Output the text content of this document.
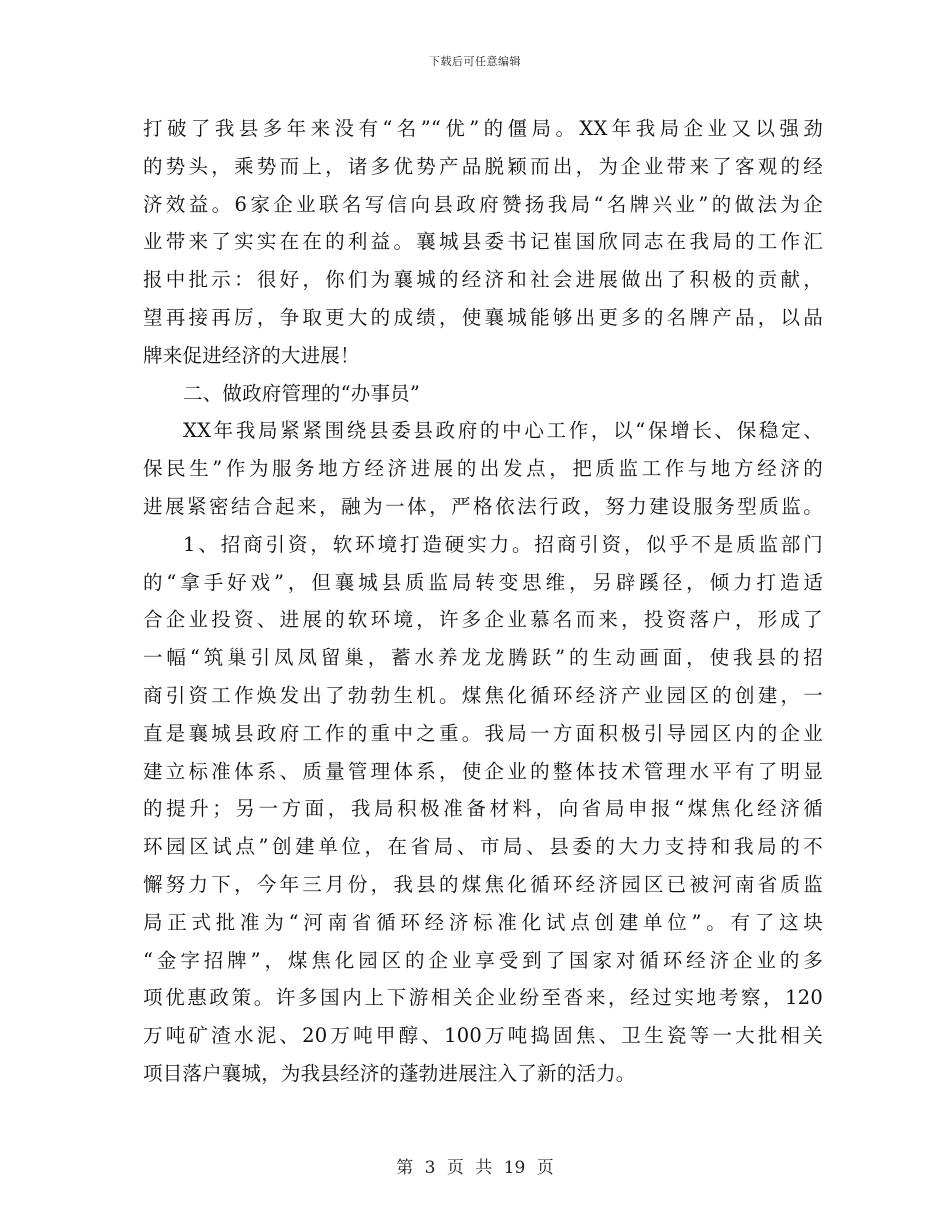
下载后可任意编辑
打破了我县多年来没有“名”“优”的僵局。XX年我局企业又以强劲
的势头，乘势而上，诸多优势产品脱颖而出，为企业带来了客观的经
济效益。6家企业联名写信向县政府赞扬我局“名牌兴业”的做法为企
业带来了实实在在的利益。襄城县委书记崔国欣同志在我局的工作汇
报中批示：很好，你们为襄城的经济和社会进展做出了积极的贡献，
望再接再厉，争取更大的成绩，使襄城能够出更多的名牌产品，以品
牌来促进经济的大进展！
二、做政府管理的“办事员”
XX年我局紧紧围绕县委县政府的中心工作，以“保增长、保稳定、
保民生”作为服务地方经济进展的出发点，把质监工作与地方经济的
进展紧密结合起来，融为一体，严格依法行政，努力建设服务型质监。
1、招商引资，软环境打造硬实力。招商引资，似乎不是质监部门
的“拿手好戏”，但襄城县质监局转变思维，另辟蹊径，倾力打造适
合企业投资、进展的软环境，许多企业慕名而来，投资落户，形成了
一幅“筑巢引凤凤留巢，蓄水养龙龙腾跃”的生动画面，使我县的招
商引资工作焕发出了勃勃生机。煤焦化循环经济产业园区的创建，一
直是襄城县政府工作的重中之重。我局一方面积极引导园区内的企业
建立标准体系、质量管理体系，使企业的整体技术管理水平有了明显
的提升；另一方面，我局积极准备材料，向省局申报“煤焦化经济循
环园区试点”创建单位，在省局、市局、县委的大力支持和我局的不
懈努力下，今年三月份，我县的煤焦化循环经济园区已被河南省质监
局正式批准为“河南省循环经济标准化试点创建单位”。有了这块
“金字招牌”，煤焦化园区的企业享受到了国家对循环经济企业的多
项优惠政策。许多国内上下游相关企业纷至沓来，经过实地考察，120
万吨矿渣水泥、20万吨甲醇、100万吨捣固焦、卫生瓷等一大批相关
项目落户襄城，为我县经济的蓬勃进展注入了新的活力。
第 3 页 共 19 页
